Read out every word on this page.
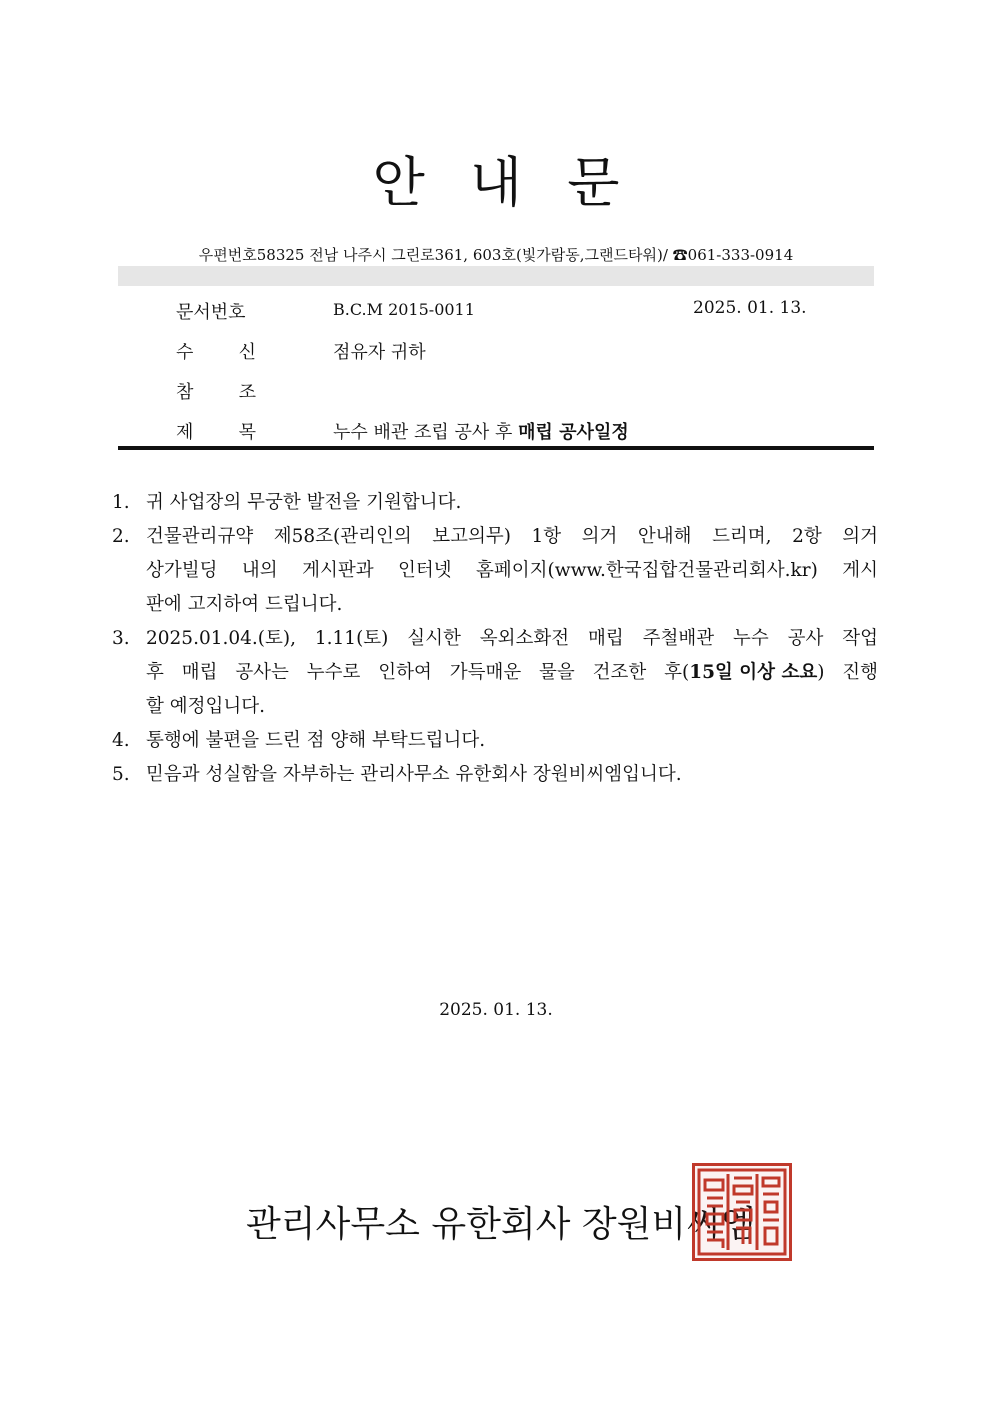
안 내 문
우편번호58325 전남 나주시 그린로361, 603호(빛가람동,그랜드타워)/ ☎061-333-0914
문서번호	B.C.M 2015-0011	2025. 01. 13.
수	신	점유자 귀하
참	조
제	목	누수 배관 조립 공사 후 매립 공사일정
1. 귀 사업장의 무궁한 발전을 기원합니다.
2. 건물관리규약 제58조(관리인의 보고의무) 1항 의거 안내해 드리며, 2항 의거
상가빌딩 내의 게시판과 인터넷 홈페이지(www.한국집합건물관리회사.kr) 게시
판에 고지하여 드립니다.
3. 2025.01.04.(토), 1.11(토) 실시한 옥외소화전 매립 주철배관 누수 공사 작업
후 매립 공사는 누수로 인하여 가득매운 물을 건조한 후(15일 이상 소요) 진행
할 예정입니다.
4. 통행에 불편을 드린 점 양해 부탁드립니다.
5. 믿음과 성실함을 자부하는 관리사무소 유한회사 장원비씨엠입니다.
2025. 01. 13.
관리사무소 유한회사 장원비씨엠
